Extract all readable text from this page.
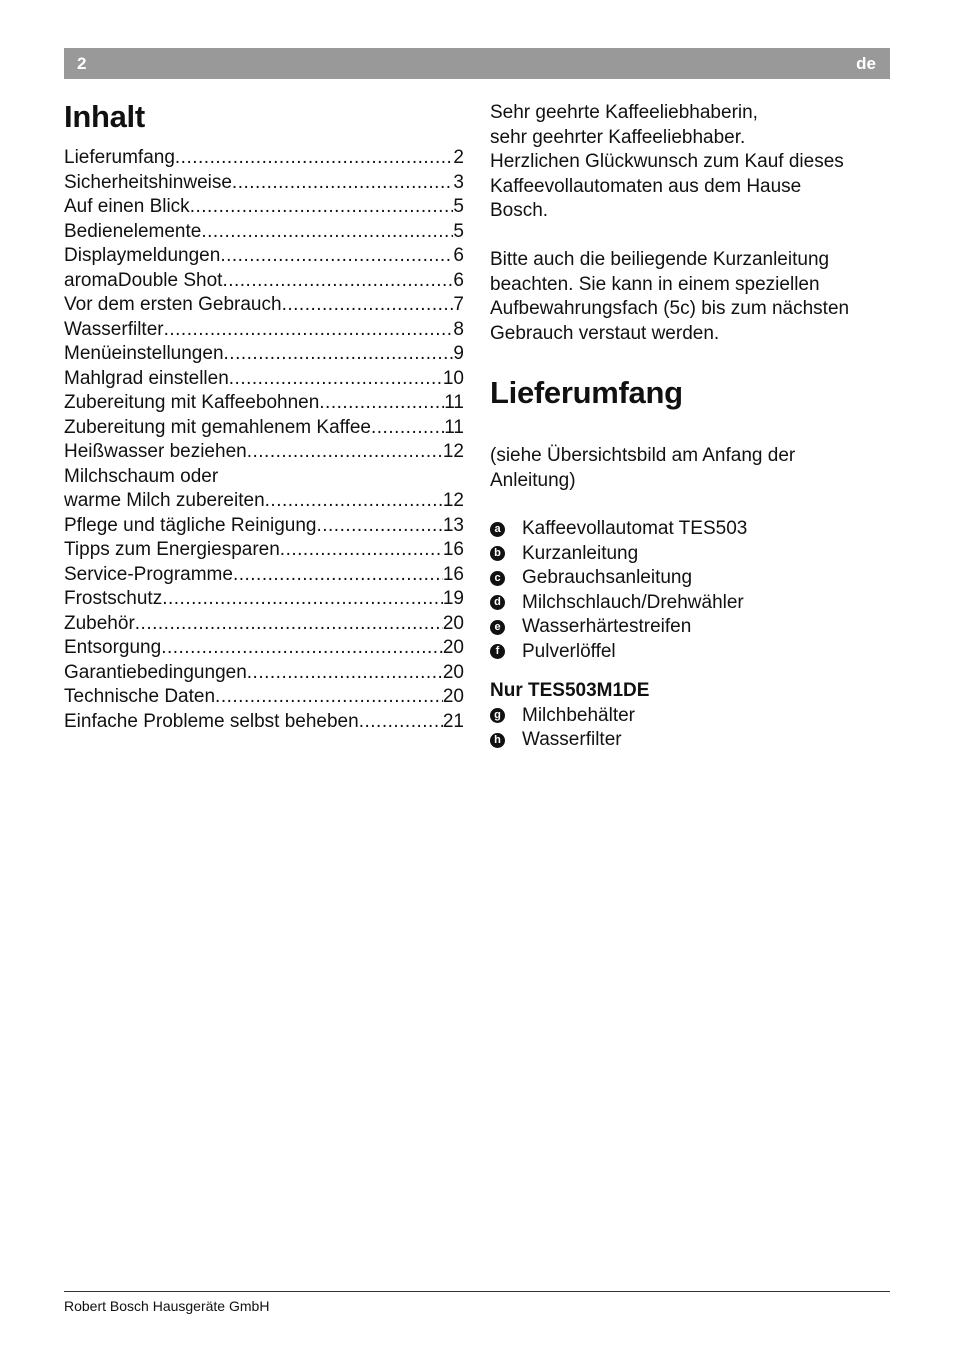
2	de
Inhalt
Lieferumfang .....	2
Sicherheitshinweise .....	3
Auf einen Blick .....	5
Bedienelemente .....	5
Displaymeldungen .....	6
aromaDouble Shot .....	6
Vor dem ersten Gebrauch .....	7
Wasserfilter .....	8
Menüeinstellungen .....	9
Mahlgrad einstellen .....	10
Zubereitung mit Kaffeebohnen .....	11
Zubereitung mit gemahlenem Kaffee .....	11
Heißwasser beziehen .....	12
Milchschaum oder
warme Milch zubereiten .....	12
Pflege und tägliche Reinigung .....	13
Tipps zum Energiesparen .....	16
Service-Programme .....	16
Frostschutz .....	19
Zubehör .....	20
Entsorgung .....	20
Garantiebedingungen .....	20
Technische Daten .....	20
Einfache Probleme selbst beheben .....	21

Sehr geehrte Kaffeeliebhaberin,

sehr geehrter Kaffeeliebhaber.

Herzlichen Glückwunsch zum Kauf dieses

Kaffeevollautomaten aus dem Hause

Bosch.

Bitte auch die beiliegende Kurzanleitung

beachten. Sie kann in einem speziellen

Aufbewahrungsfach (5c) bis zum nächsten

Gebrauch verstaut werden.

Lieferumfang

(siehe Übersichtsbild am Anfang der

Anleitung)

a Kaffeevollautomat TES503
b Kurzanleitung
c Gebrauchsanleitung
d Milchschlauch/Drehwähler
e Wasserhärtestreifen
f Pulverlöffel
Nur TES503M1DE
g Milchbehälter
h Wasserfilter
Robert Bosch Hausgeräte GmbH
